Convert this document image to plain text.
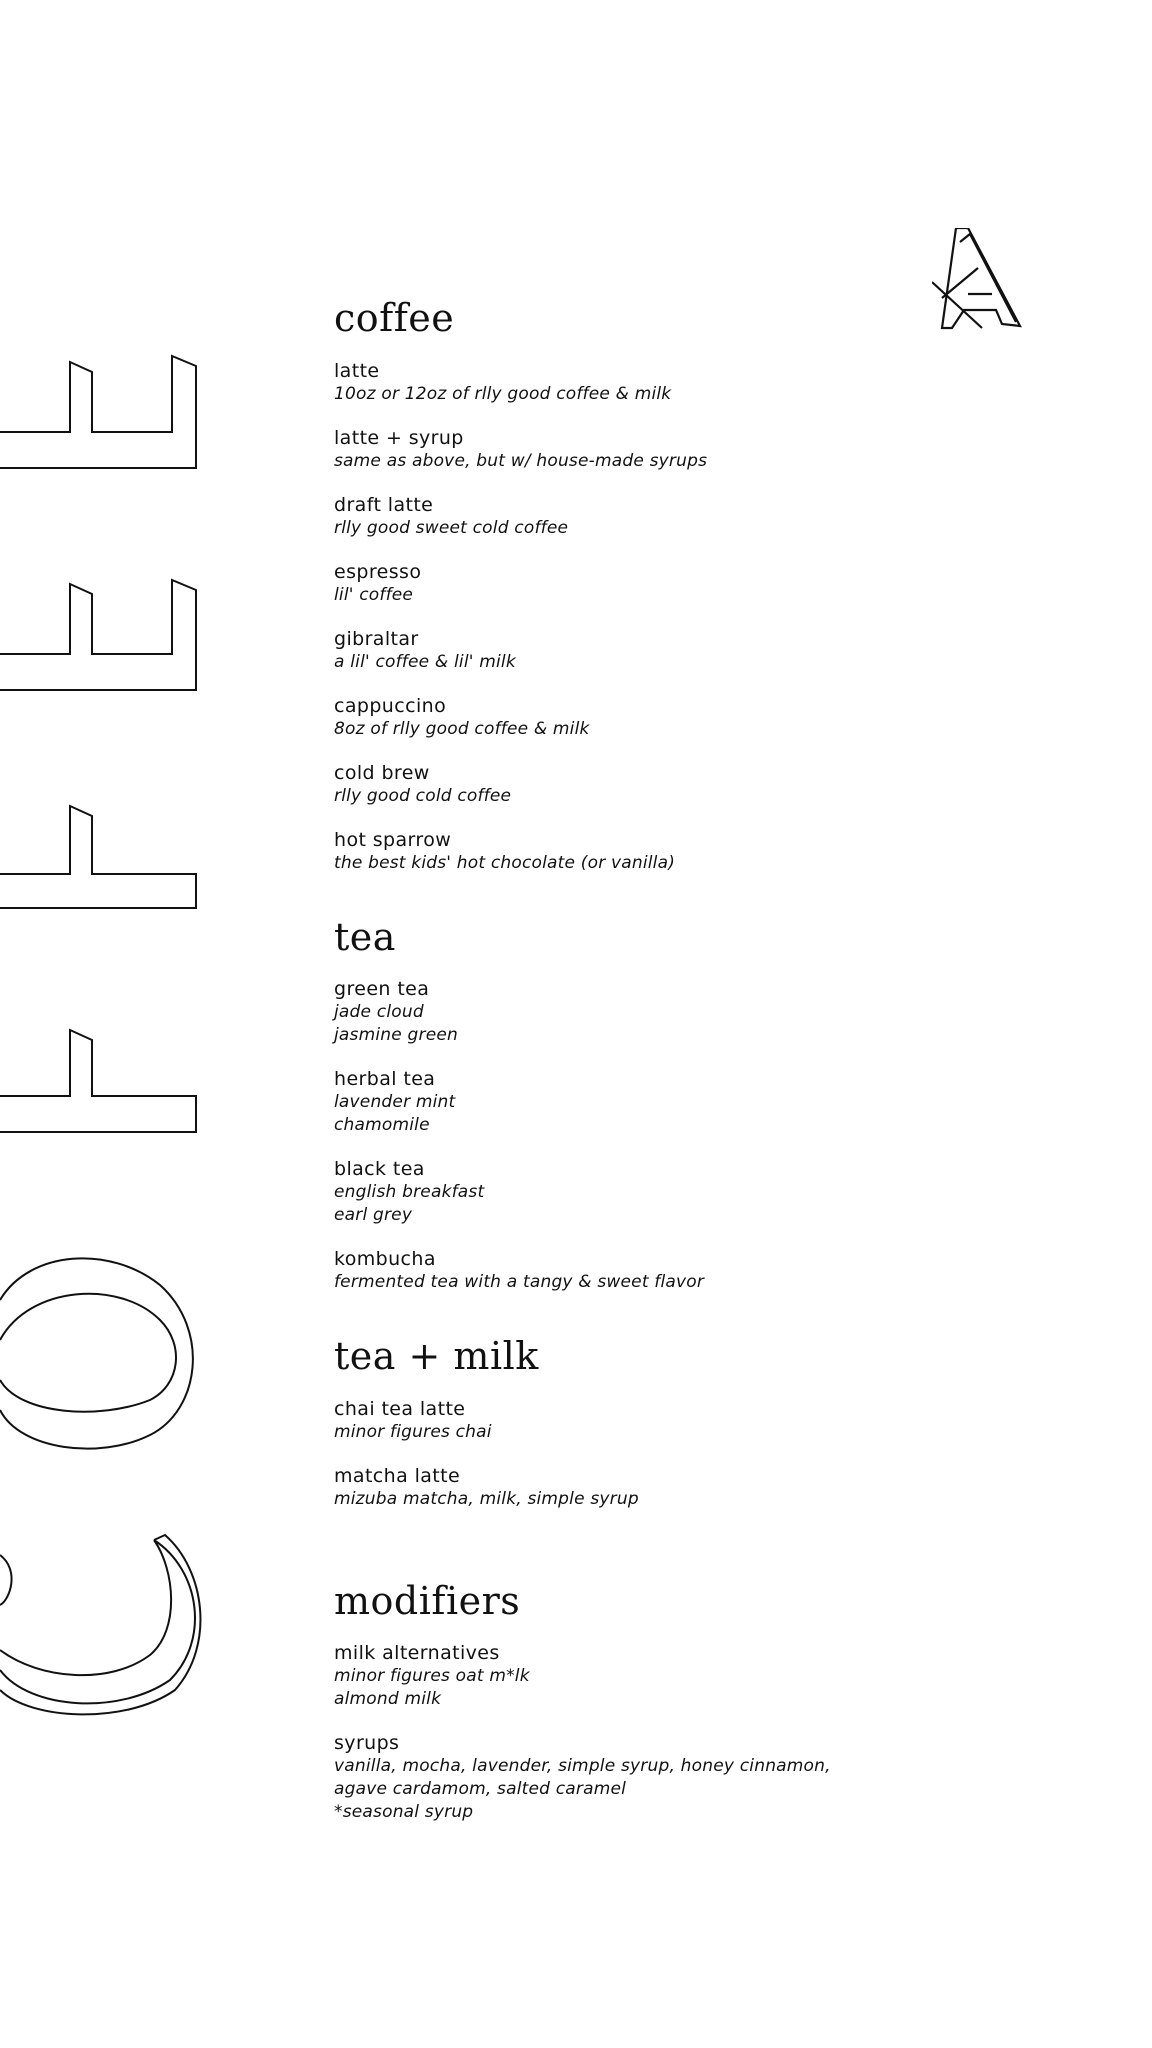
coffee
latte
10oz or 12oz of rlly good coffee & milk
latte + syrup
same as above, but w/ house-made syrups
draft latte
rlly good sweet cold coffee
espresso
lil' coffee
gibraltar
a lil' coffee & lil' milk
cappuccino
8oz of rlly good coffee & milk
cold brew
rlly good cold coffee
hot sparrow
the best kids' hot chocolate (or vanilla)
tea
green tea
jade cloud
jasmine green
herbal tea
lavender mint
chamomile
black tea
english breakfast
earl grey
kombucha
fermented tea with a tangy & sweet flavor
tea + milk
chai tea latte
minor figures chai
matcha latte
mizuba matcha, milk, simple syrup
modifiers
milk alternatives
minor figures oat m*lk
almond milk
syrups
vanilla, mocha, lavender, simple syrup, honey cinnamon,
agave cardamom, salted caramel
*seasonal syrup
